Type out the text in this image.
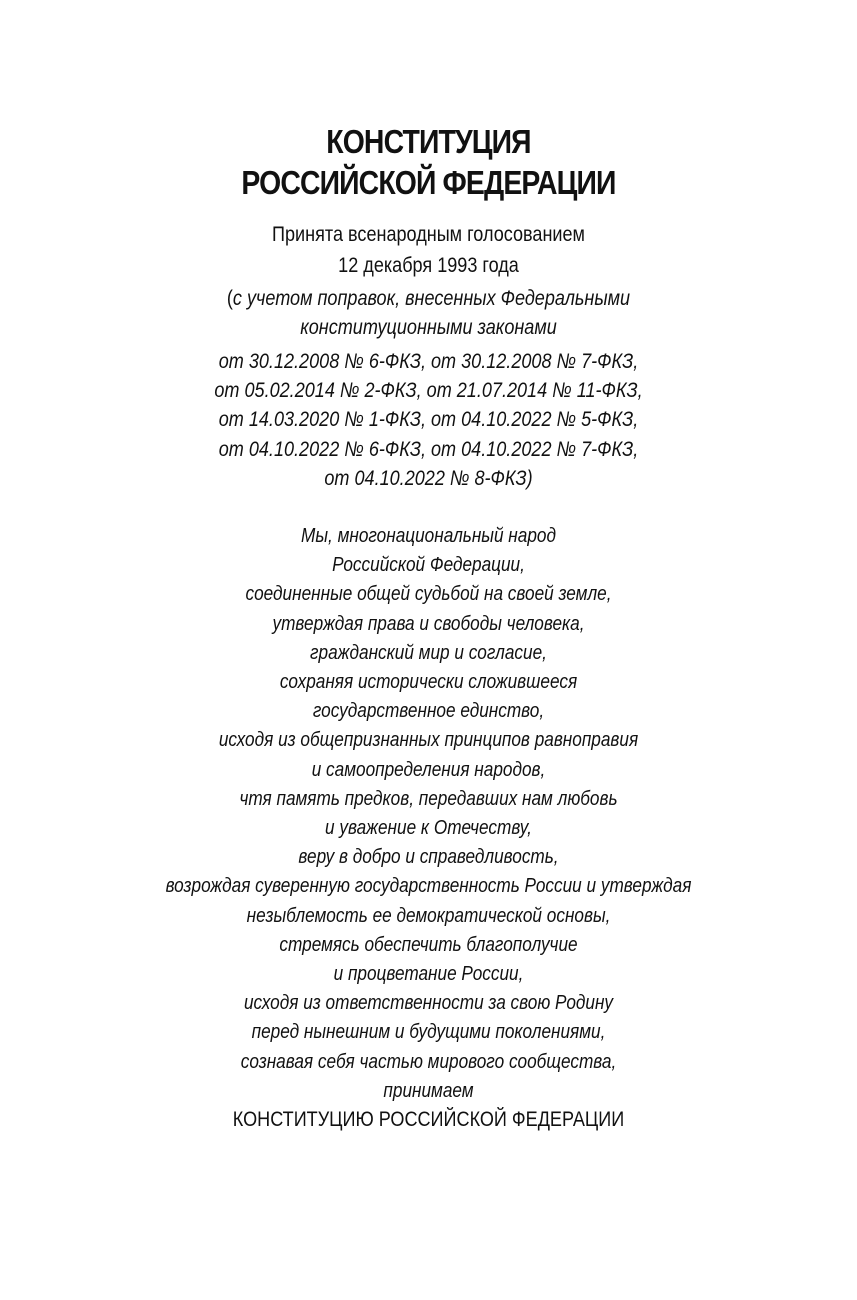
КОНСТИТУЦИЯ
РОССИЙСКОЙ ФЕДЕРАЦИИ
Принята всенародным голосованием
12 декабря 1993 года
(с учетом поправок, внесенных Федеральными
конституционными законами
от 30.12.2008 № 6-ФКЗ, от 30.12.2008 № 7-ФКЗ,
от 05.02.2014 № 2-ФКЗ, от 21.07.2014 № 11-ФКЗ,
от 14.03.2020 № 1-ФКЗ, от 04.10.2022 № 5-ФКЗ,
от 04.10.2022 № 6-ФКЗ, от 04.10.2022 № 7-ФКЗ,
от 04.10.2022 № 8-ФКЗ)
Мы, многонациональный народ
Российской Федерации,
соединенные общей судьбой на своей земле,
утверждая права и свободы человека,
гражданский мир и согласие,
сохраняя исторически сложившееся
государственное единство,
исходя из общепризнанных принципов равноправия
и самоопределения народов,
чтя память предков, передавших нам любовь
и уважение к Отечеству,
веру в добро и справедливость,
возрождая суверенную государственность России и утверждая
незыблемость ее демократической основы,
стремясь обеспечить благополучие
и процветание России,
исходя из ответственности за свою Родину
перед нынешним и будущими поколениями,
сознавая себя частью мирового сообщества,
принимаем
КОНСТИТУЦИЮ РОССИЙСКОЙ ФЕДЕРАЦИИ
